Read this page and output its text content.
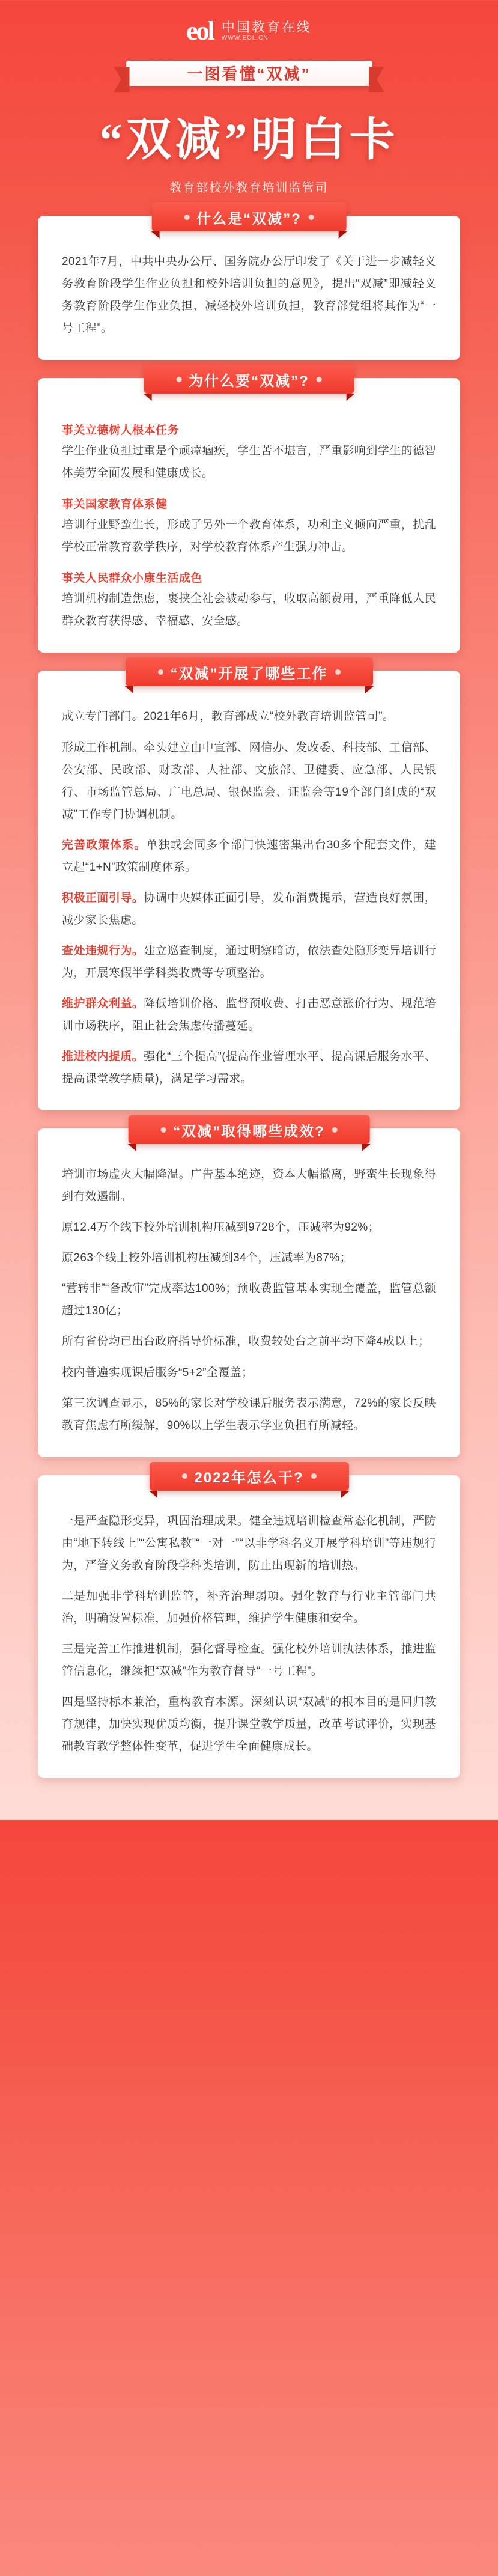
eol 中国教育在线
WWW.EOL.CN
一图看懂“双减”
“双减”明白卡
教育部校外教育培训监管司
什么是“双减”?

2021年7月，中共中央办公厅、国务院办公厅印发了《关于进一步减轻义务教育阶段学生作业负担和校外培训负担的意见》，提出“双减”即减轻义务教育阶段学生作业负担、减轻校外培训负担，教育部党组将其作为“一号工程”。

为什么要“双减”?
事关立德树人根本任务

学生作业负担过重是个顽瘴痼疾，学生苦不堪言，严重影响到学生的德智体美劳全面发展和健康成长。

事关国家教育体系健

培训行业野蛮生长，形成了另外一个教育体系，功利主义倾向严重，扰乱学校正常教育教学秩序，对学校教育体系产生强力冲击。

事关人民群众小康生活成色

培训机构制造焦虑，裹挟全社会被动参与，收取高额费用，严重降低人民群众教育获得感、幸福感、安全感。

“双减”开展了哪些工作

成立专门部门。2021年6月，教育部成立“校外教育培训监管司”。

形成工作机制。牵头建立由中宣部、网信办、发改委、科技部、工信部、公安部、民政部、财政部、人社部、文旅部、卫健委、应急部、人民银行、市场监管总局、广电总局、银保监会、证监会等19个部门组成的“双减”工作专门协调机制。

完善政策体系。单独或会同多个部门快速密集出台30多个配套文件，建立起“1+N”政策制度体系。

积极正面引导。协调中央媒体正面引导，发布消费提示，营造良好氛围，减少家长焦虑。

查处违规行为。建立巡查制度，通过明察暗访，依法查处隐形变异培训行为，开展寒假半学科类收费等专项整治。

维护群众利益。降低培训价格、监督预收费、打击恶意涨价行为、规范培训市场秩序，阻止社会焦虑传播蔓延。

推进校内提质。强化“三个提高”(提高作业管理水平、提高课后服务水平、提高课堂教学质量)，满足学习需求。

“双减”取得哪些成效?

培训市场虚火大幅降温。广告基本绝迹，资本大幅撤离，野蛮生长现象得到有效遏制。

原12.4万个线下校外培训机构压减到9728个，压减率为92%；

原263个线上校外培训机构压减到34个，压减率为87%；

“营转非”“备改审”完成率达100%；预收费监管基本实现全覆盖，监管总额超过130亿；

所有省份均已出台政府指导价标准，收费较处台之前平均下降4成以上；

校内普遍实现课后服务“5+2”全覆盖；

第三次调查显示，85%的家长对学校课后服务表示满意，72%的家长反映教育焦虑有所缓解，90%以上学生表示学业负担有所减轻。

2022年怎么干?

一是严查隐形变异，巩固治理成果。健全违规培训检查常态化机制，严防由“地下转线上”“公寓私教”“一对一”“以非学科名义开展学科培训”等违规行为，严管义务教育阶段学科类培训，防止出现新的培训热。

二是加强非学科培训监管，补齐治理弱项。强化教育与行业主管部门共治，明确设置标准，加强价格管理，维护学生健康和安全。

三是完善工作推进机制，强化督导检查。强化校外培训执法体系，推进监管信息化，继续把“双减”作为教育督导“一号工程”。

四是坚持标本兼治，重构教育本源。深刻认识“双减”的根本目的是回归教育规律，加快实现优质均衡，提升课堂教学质量，改革考试评价，实现基础教育教学整体性变革，促进学生全面健康成长。
